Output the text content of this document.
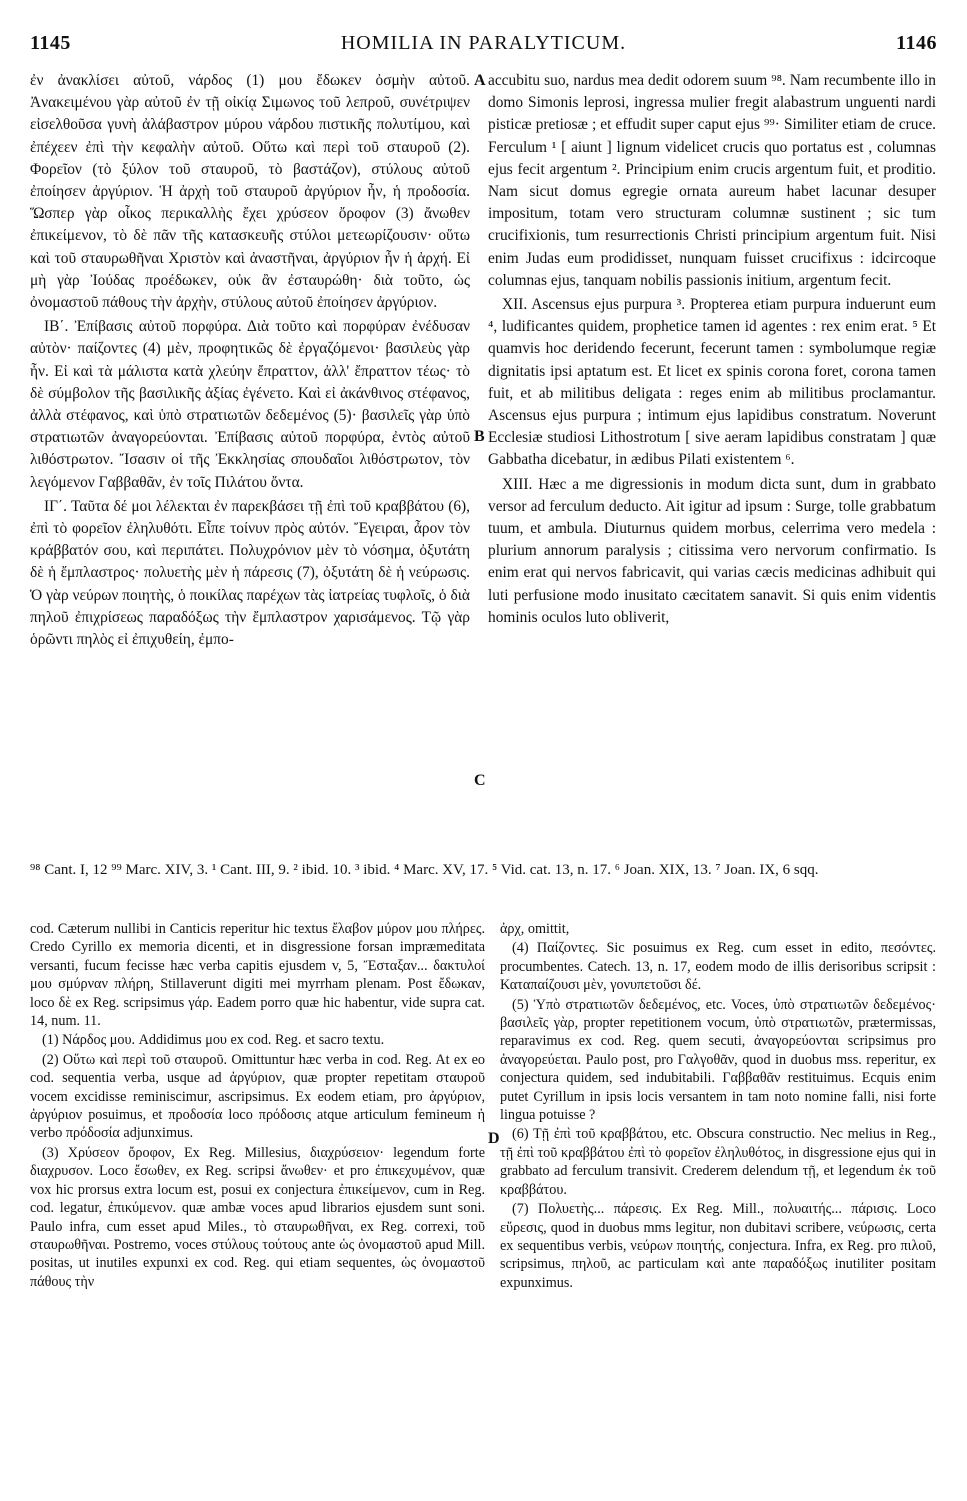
1145	HOMILIA IN PARALYTICUM.	1146

ἐν ἀνακλίσει αὐτοῦ, νάρδος (1) μου ἔδωκεν ὀσμὴν αὐτοῦ. Ἀνακειμένου γὰρ αὐτοῦ ἐν τῇ οἰκίᾳ Σιμωνος τοῦ λεπροῦ, συνέτριψεν εἰσελθοῦσα γυνὴ ἀλάβαστρον μύρου νάρδου πιστικῆς πολυτίμου, καὶ ἐπέχεεν ἐπὶ τὴν κεφαλὴν αὐτοῦ. Οὕτω καὶ περὶ τοῦ σταυροῦ (2). Φορεῖον (τὸ ξύλον τοῦ σταυροῦ, τὸ βαστάζον), στύλους αὐτοῦ ἐποίησεν ἀργύριον. Ἡ ἀρχὴ τοῦ σταυροῦ ἀργύριον ἦν, ἡ προδοσία. Ὥσπερ γὰρ οἶκος περικαλλὴς ἔχει χρύσεον ὄροφον (3) ἄνωθεν ἐπικείμενον, τὸ δὲ πᾶν τῆς κατασκευῆς στύλοι μετεωρίζουσιν· οὕτω καὶ τοῦ σταυρωθῆναι Χριστὸν καὶ ἀναστῆναι, ἀργύριον ἦν ἡ ἀρχή. Εἰ μὴ γὰρ Ἰούδας προέδωκεν, οὐκ ἂν ἐσταυρώθη· διὰ τοῦτο, ὡς ὀνομαστοῦ πάθους τὴν ἀρχὴν, στύλους αὐτοῦ ἐποίησεν ἀργύριον.

ΙΒ΄. Ἐπίβασις αὐτοῦ πορφύρα. Διὰ τοῦτο καὶ πορφύραν ἐνέδυσαν αὐτὸν· παίζοντες (4) μὲν, προφητικῶς δὲ ἐργαζόμενοι· βασιλεὺς γὰρ ἦν. Εἰ καὶ τὰ μάλιστα κατὰ χλεύην ἔπραττον, ἀλλ' ἔπραττον τέως· τὸ δὲ σύμβολον τῆς βασιλικῆς ἀξίας ἐγένετο. Καὶ εἰ ἀκάνθινος στέφανος, ἀλλὰ στέφανος, καὶ ὑπὸ στρατιωτῶν δεδεμένος (5)· βασιλεῖς γὰρ ὑπὸ στρατιωτῶν ἀναγορεύονται. Ἐπίβασις αὐτοῦ πορφύρα, ἐντὸς αὐτοῦ λιθόστρωτον. Ἴσασιν οἱ τῆς Ἐκκλησίας σπουδαῖοι λιθόστρωτον, τὸν λεγόμενον Γαββαθᾶν, ἐν τοῖς Πιλάτου ὄντα.

ΙΓ΄. Ταῦτα δέ μοι λέλεκται ἐν παρεκβάσει τῇ ἐπὶ τοῦ κραββάτου (6), ἐπὶ τὸ φορεῖον ἐληλυθότι. Εἶπε τοίνυν πρὸς αὐτόν. Ἔγειραι, ἆρον τὸν κράββατόν σου, καὶ περιπάτει. Πολυχρόνιον μὲν τὸ νόσημα, ὀξυτάτη δὲ ἡ ἔμπλαστρος· πολυετὴς μὲν ἡ πάρεσις (7), ὀξυτάτη δὲ ἡ νεύρωσις. Ὁ γὰρ νεύρων ποιητὴς, ὁ ποικίλας παρέχων τὰς ἰατρείας τυφλοῖς, ὁ διὰ πηλοῦ ἐπιχρίσεως παραδόξως τὴν ἔμπλαστρον χαρισάμενος. Τῷ γὰρ ὁρῶντι πηλὸς εἰ ἐπιχυθείη, ἐμπο-

A
B
C
D

accubitu suo, nardus mea dedit odorem suum ⁹⁸. Nam recumbente illo in domo Simonis leprosi, ingressa mulier fregit alabastrum unguenti nardi pisticæ pretiosæ ; et effudit super caput ejus ⁹⁹· Similiter etiam de cruce. Ferculum ¹ [ aiunt ] lignum videlicet crucis quo portatus est , columnas ejus fecit argentum ². Principium enim crucis argentum fuit, et proditio. Nam sicut domus egregie ornata aureum habet lacunar desuper impositum, totam vero structuram columnæ sustinent ; sic tum crucifixionis, tum resurrectionis Christi principium argentum fuit. Nisi enim Judas eum prodidisset, nunquam fuisset crucifixus : idcircoque columnas ejus, tanquam nobilis passionis initium, argentum fecit.

XII. Ascensus ejus purpura ³. Propterea etiam purpura induerunt eum ⁴, ludificantes quidem, prophetice tamen id agentes : rex enim erat. ⁵ Et quamvis hoc deridendo fecerunt, fecerunt tamen : symbolumque regiæ dignitatis ipsi aptatum est. Et licet ex spinis corona foret, corona tamen fuit, et ab militibus deligata : reges enim ab militibus proclamantur. Ascensus ejus purpura ; intimum ejus lapidibus constratum. Noverunt Ecclesiæ studiosi Lithostrotum [ sive aeram lapidibus constratam ] quæ Gabbatha dicebatur, in ædibus Pilati existentem ⁶.

XIII. Hæc a me digressionis in modum dicta sunt, dum in grabbato versor ad ferculum deducto. Ait igitur ad ipsum : Surge, tolle grabbatum tuum, et ambula. Diuturnus quidem morbus, celerrima vero medela : plurium annorum paralysis ; citissima vero nervorum confirmatio. Is enim erat qui nervos fabricavit, qui varias cæcis medicinas adhibuit qui luti perfusione modo inusitato cæcitatem sanavit. Si quis enim videntis hominis oculos luto obliverit,

⁹⁸ Cant. I, 12 ⁹⁹ Marc. XIV, 3. ¹ Cant. III, 9. ² ibid. 10. ³ ibid. ⁴ Marc. XV, 17. ⁵ Vid. cat. 13, n. 17. ⁶ Joan. XIX, 13. ⁷ Joan. IX, 6 sqq.

cod. Cæterum nullibi in Canticis reperitur hic textus ἔλαβον μύρον μου πλήρες. Credo Cyrillo ex memoria dicenti, et in disgressione forsan impræmeditata versanti, fucum fecisse hæc verba capitis ejusdem v, 5, Ἔσταξαν... δακτυλοί μου σμύρναν πλήρη, Stillaverunt digiti mei myrrham plenam. Post ἔδωκαν, loco δὲ ex Reg. scripsimus γάρ. Eadem porro quæ hic habentur, vide supra cat. 14, num. 11.

(1) Νάρδος μου. Addidimus μου ex cod. Reg. et sacro textu.

(2) Οὕτω καὶ περὶ τοῦ σταυροῦ. Omittuntur hæc verba in cod. Reg. At ex eo cod. sequentia verba, usque ad ἀργύριον, quæ propter repetitam σταυροῦ vocem excidisse reminiscimur, ascripsimus. Ex eodem etiam, pro ἀργύριον, ἀργύριον posuimus, et προδοσία loco πρόδοσις atque articulum femineum ἡ verbo πρόδοσία adjunximus.

(3) Χρύσεον ὄροφον, Ex Reg. Millesius, διαχρύσειον· legendum forte διαχρυσον. Loco ἔσωθεν, ex Reg. scripsi ἄνωθεν· et pro ἐπικεχυμένον, quæ vox hic prorsus extra locum est, posui ex conjectura ἐπικείμενον, cum in Reg. cod. legatur, ἐπικύμενον. quæ ambæ voces apud librarios ejusdem sunt soni. Paulo infra, cum esset apud Miles., τὸ σταυρωθῆναι, ex Reg. correxi, τοῦ σταυρωθῆναι. Postremo, voces στύλους τούτους ante ὡς ὀνομαστοῦ apud Mill. positas, ut inutiles expunxi ex cod. Reg. qui etiam sequentes, ὡς ὀνομαστοῦ πάθους τὴν

ἀρχ, omittit,

(4) Παίζοντες. Sic posuimus ex Reg. cum esset in edito, πεσόντες. procumbentes. Catech. 13, n. 17, eodem modo de illis derisoribus scripsit : Καταπαίζουσι μὲν, γονυπετοῦσι δέ.

(5) Ὑπὸ στρατιωτῶν δεδεμένος, etc. Voces, ὑπὸ στρατιωτῶν δεδεμένος· βασιλεῖς γὰρ, propter repetitionem vocum, ὑπὸ στρατιωτῶν, prætermissas, reparavimus ex cod. Reg. quem secuti, ἀναγορεύονται scripsimus pro ἀναγορεύεται. Paulo post, pro Γαλγοθᾶν, quod in duobus mss. reperitur, ex conjectura quidem, sed indubitabili. Γαββαθᾶν restituimus. Ecquis enim putet Cyrillum in ipsis locis versantem in tam noto nomine falli, nisi forte lingua potuisse ?

(6) Τῇ ἐπὶ τοῦ κραββάτου, etc. Obscura constructio. Nec melius in Reg., τῇ ἐπὶ τοῦ κραββάτου ἐπὶ τὸ φορεῖον ἐληλυθότος, in disgressione ejus qui in grabbato ad ferculum transivit. Crederem delendum τῇ, et legendum ἐκ τοῦ κραββάτου.

(7) Πολυετὴς... πάρεσις. Ex Reg. Mill., πολυαιτής... πάρισις. Loco εὕρεσις, quod in duobus mms legitur, non dubitavi scribere, νεύρωσις, certa ex sequentibus verbis, νεύρων ποιητής, conjectura. Infra, ex Reg. pro πιλοῦ, scripsimus, πηλοῦ, ac particulam καὶ ante παραδόξως inutiliter positam expunximus.
